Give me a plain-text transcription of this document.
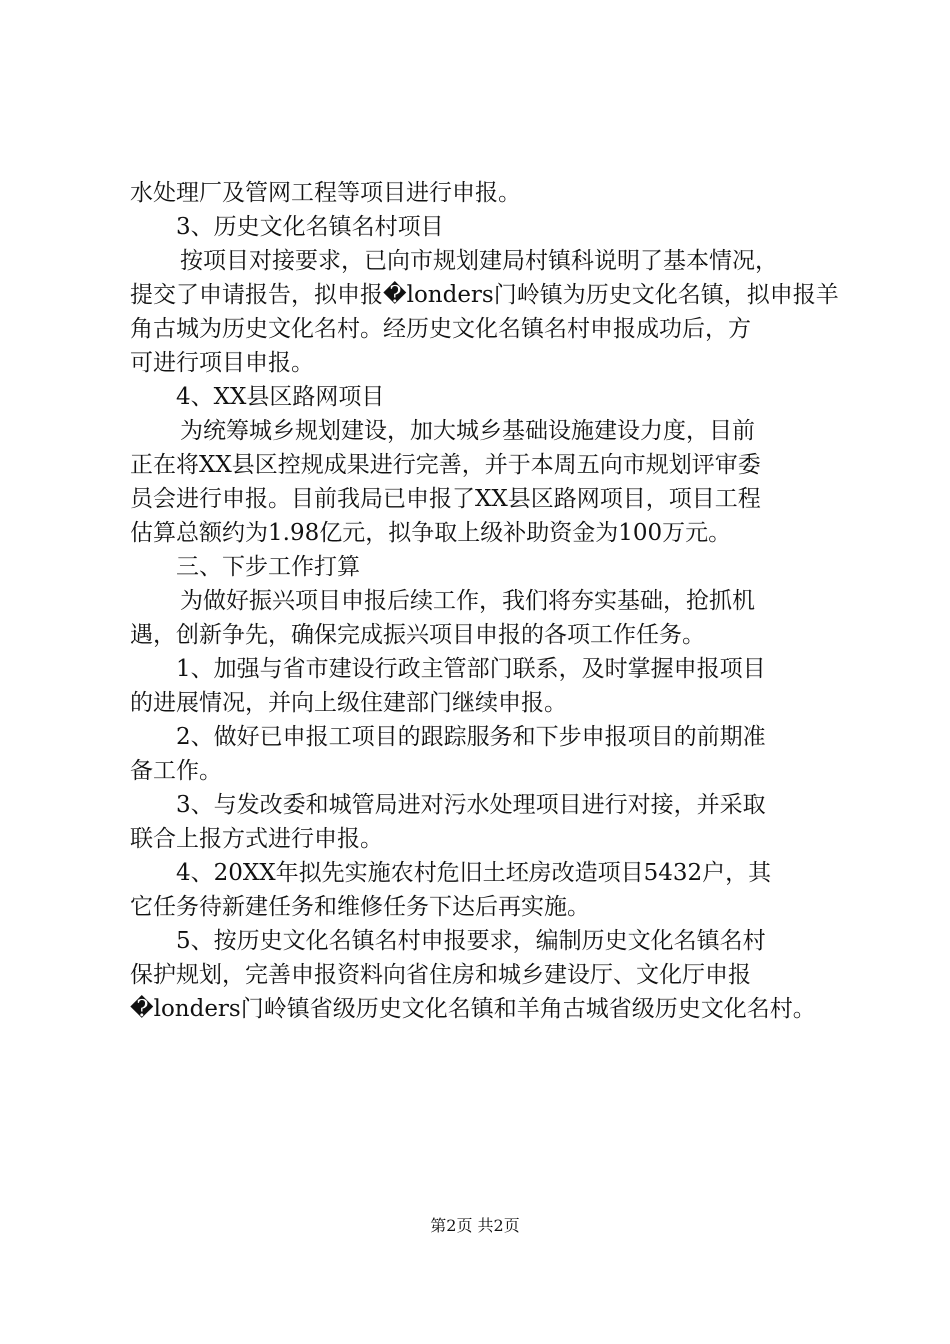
水处理厂及管网工程等项目进行申报。
3、历史文化名镇名村项目
按项目对接要求，已向市规划建局村镇科说明了基本情况，
提交了申请报告，拟申报�londers门岭镇为历史文化名镇，拟申报羊
角古城为历史文化名村。经历史文化名镇名村申报成功后，方
可进行项目申报。
4、XX县区路网项目
为统筹城乡规划建设，加大城乡基础设施建设力度，目前
正在将XX县区控规成果进行完善，并于本周五向市规划评审委
员会进行申报。目前我局已申报了XX县区路网项目，项目工程
估算总额约为1.98亿元，拟争取上级补助资金为100万元。
三、下步工作打算
为做好振兴项目申报后续工作，我们将夯实基础，抢抓机
遇，创新争先，确保完成振兴项目申报的各项工作任务。
1、加强与省市建设行政主管部门联系，及时掌握申报项目
的进展情况，并向上级住建部门继续申报。
2、做好已申报工项目的跟踪服务和下步申报项目的前期准
备工作。
3、与发改委和城管局进对污水处理项目进行对接，并采取
联合上报方式进行申报。
4、20XX年拟先实施农村危旧土坯房改造项目5432户，其
它任务待新建任务和维修任务下达后再实施。
5、按历史文化名镇名村申报要求，编制历史文化名镇名村
保护规划，完善申报资料向省住房和城乡建设厅、文化厅申报
�londers门岭镇省级历史文化名镇和羊角古城省级历史文化名村。
第2页 共2页
